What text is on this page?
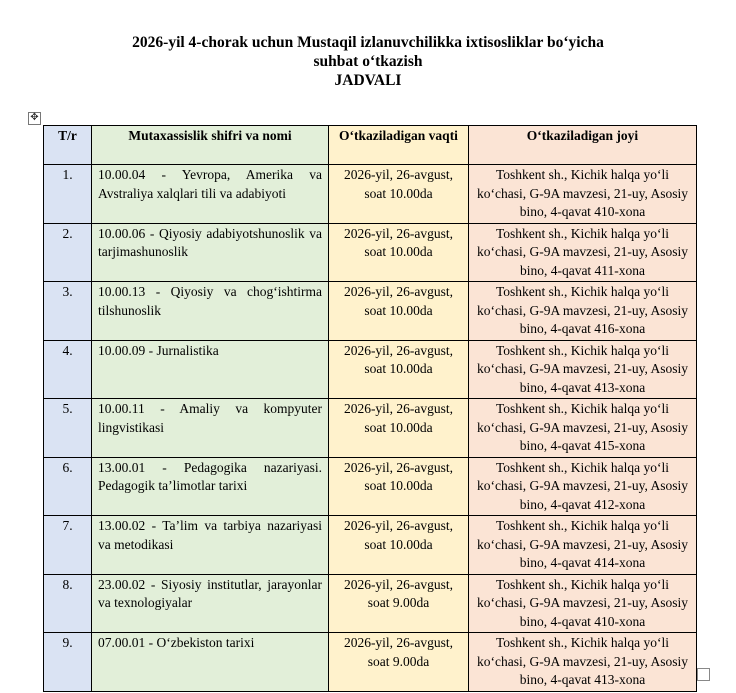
2026-yil 4-chorak uchun Mustaqil izlanuvchilikka ixtisosliklar bo‘yicha
suhbat o‘tkazish
JADVALI
✥
T/r	Mutaxassislik shifri va nomi	O‘tkaziladigan vaqti	O‘tkaziladigan joyi
1.	10.00.04 - Yevropa, Amerika va Avstraliya xalqlari tili va adabiyoti	2026-yil, 26-avgust, soat 10.00da	Toshkent sh., Kichik halqa yo‘li ko‘chasi, G-9A mavzesi, 21-uy, Asosiy bino, 4-qavat 410-xona
2.	10.00.06 - Qiyosiy adabiyotshunoslik va tarjimashunoslik	2026-yil, 26-avgust, soat 10.00da	Toshkent sh., Kichik halqa yo‘li ko‘chasi, G-9A mavzesi, 21-uy, Asosiy bino, 4-qavat 411-xona
3.	10.00.13 - Qiyosiy va chog‘ishtirma tilshunoslik	2026-yil, 26-avgust, soat 10.00da	Toshkent sh., Kichik halqa yo‘li ko‘chasi, G-9A mavzesi, 21-uy, Asosiy bino, 4-qavat 416-xona
4.	10.00.09 - Jurnalistika	2026-yil, 26-avgust, soat 10.00da	Toshkent sh., Kichik halqa yo‘li ko‘chasi, G-9A mavzesi, 21-uy, Asosiy bino, 4-qavat 413-xona
5.	10.00.11 - Amaliy va kompyuter lingvistikasi	2026-yil, 26-avgust, soat 10.00da	Toshkent sh., Kichik halqa yo‘li ko‘chasi, G-9A mavzesi, 21-uy, Asosiy bino, 4-qavat 415-xona
6.	13.00.01 - Pedagogika nazariyasi. Pedagogik ta’limotlar tarixi	2026-yil, 26-avgust, soat 10.00da	Toshkent sh., Kichik halqa yo‘li ko‘chasi, G-9A mavzesi, 21-uy, Asosiy bino, 4-qavat 412-xona
7.	13.00.02 - Ta’lim va tarbiya nazariyasi va metodikasi	2026-yil, 26-avgust, soat 10.00da	Toshkent sh., Kichik halqa yo‘li ko‘chasi, G-9A mavzesi, 21-uy, Asosiy bino, 4-qavat 414-xona
8.	23.00.02 - Siyosiy institutlar, jarayonlar va texnologiyalar	2026-yil, 26-avgust, soat 9.00da	Toshkent sh., Kichik halqa yo‘li ko‘chasi, G-9A mavzesi, 21-uy, Asosiy bino, 4-qavat 410-xona
9.	07.00.01 - O‘zbekiston tarixi	2026-yil, 26-avgust, soat 9.00da	Toshkent sh., Kichik halqa yo‘li ko‘chasi, G-9A mavzesi, 21-uy, Asosiy bino, 4-qavat 413-xona
